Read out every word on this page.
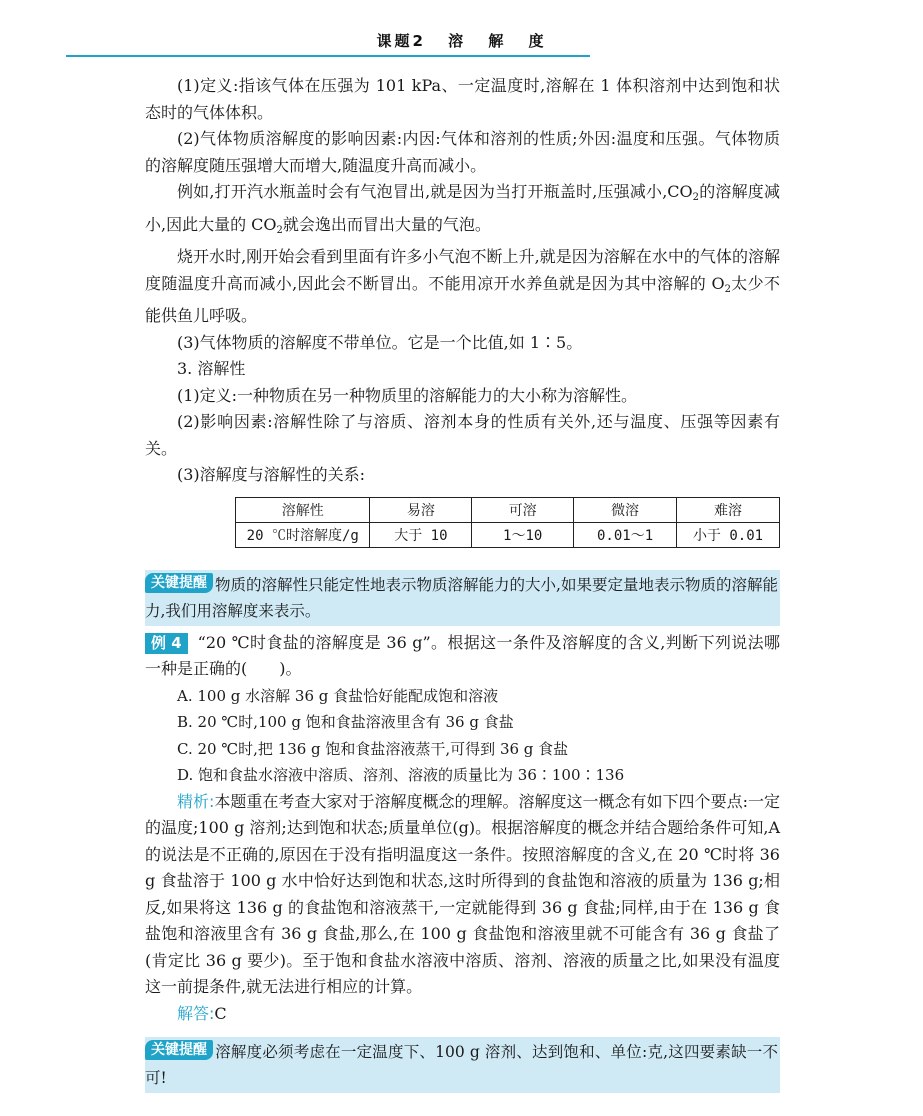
课题2 溶 解 度

(1)定义:指该气体在压强为 101 kPa、一定温度时,溶解在 1 体积溶剂中达到饱和状态时的气体体积。

(2)气体物质溶解度的影响因素:内因:气体和溶剂的性质;外因:温度和压强。气体物质的溶解度随压强增大而增大,随温度升高而减小。

例如,打开汽水瓶盖时会有气泡冒出,就是因为当打开瓶盖时,压强减小$,CO_2$的溶解度减小,因此大量的 $CO_2$就会逸出而冒出大量的气泡。

烧开水时,刚开始会看到里面有许多小气泡不断上升,就是因为溶解在水中的气体的溶解度随温度升高而减小,因此会不断冒出。不能用凉开水养鱼就是因为其中溶解的 $O_2$太少不能供鱼儿呼吸。

(3)气体物质的溶解度不带单位。它是一个比值,如 1∶5。

3. 溶解性

(1)定义:一种物质在另一种物质里的溶解能力的大小称为溶解性。

(2)影响因素:溶解性除了与溶质、溶剂本身的性质有关外,还与温度、压强等因素有关。

(3)溶解度与溶解性的关系:

溶解性	易溶	可溶	微溶	难溶
20 ℃时溶解度/g	大于 10	1～10	0.01～1	小于 0.01
关键提醒 物质的溶解性只能定性地表示物质溶解能力的大小,如果要定量地表示物质的溶解能力,我们用溶解度来表示。

例 4 “20 ℃时食盐的溶解度是 36 g”。根据这一条件及溶解度的含义,判断下列说法哪一种是正确的(　　)。

A. 100 g 水溶解 36 g 食盐恰好能配成饱和溶液

B. 20 ℃时,100 g 饱和食盐溶液里含有 36 g 食盐

C. 20 ℃时,把 136 g 饱和食盐溶液蒸干,可得到 36 g 食盐

D. 饱和食盐水溶液中溶质、溶剂、溶液的质量比为 36∶100∶136

精析:本题重在考查大家对于溶解度概念的理解。溶解度这一概念有如下四个要点:一定的温度;100 g 溶剂;达到饱和状态;质量单位(g)。根据溶解度的概念并结合题给条件可知,A 的说法是不正确的,原因在于没有指明温度这一条件。按照溶解度的含义,在 20 ℃时将 36 g 食盐溶于 100 g 水中恰好达到饱和状态,这时所得到的食盐饱和溶液的质量为 136 g;相反,如果将这 136 g 的食盐饱和溶液蒸干,一定就能得到 36 g 食盐;同样,由于在 136 g 食盐饱和溶液里含有 36 g 食盐,那么,在 100 g 食盐饱和溶液里就不可能含有 36 g 食盐了(肯定比 36 g 要少)。至于饱和食盐水溶液中溶质、溶剂、溶液的质量之比,如果没有温度这一前提条件,就无法进行相应的计算。

解答:C

关键提醒 溶解度必须考虑在一定温度下、100 g 溶剂、达到饱和、单位:克,这四要素缺一不可!
